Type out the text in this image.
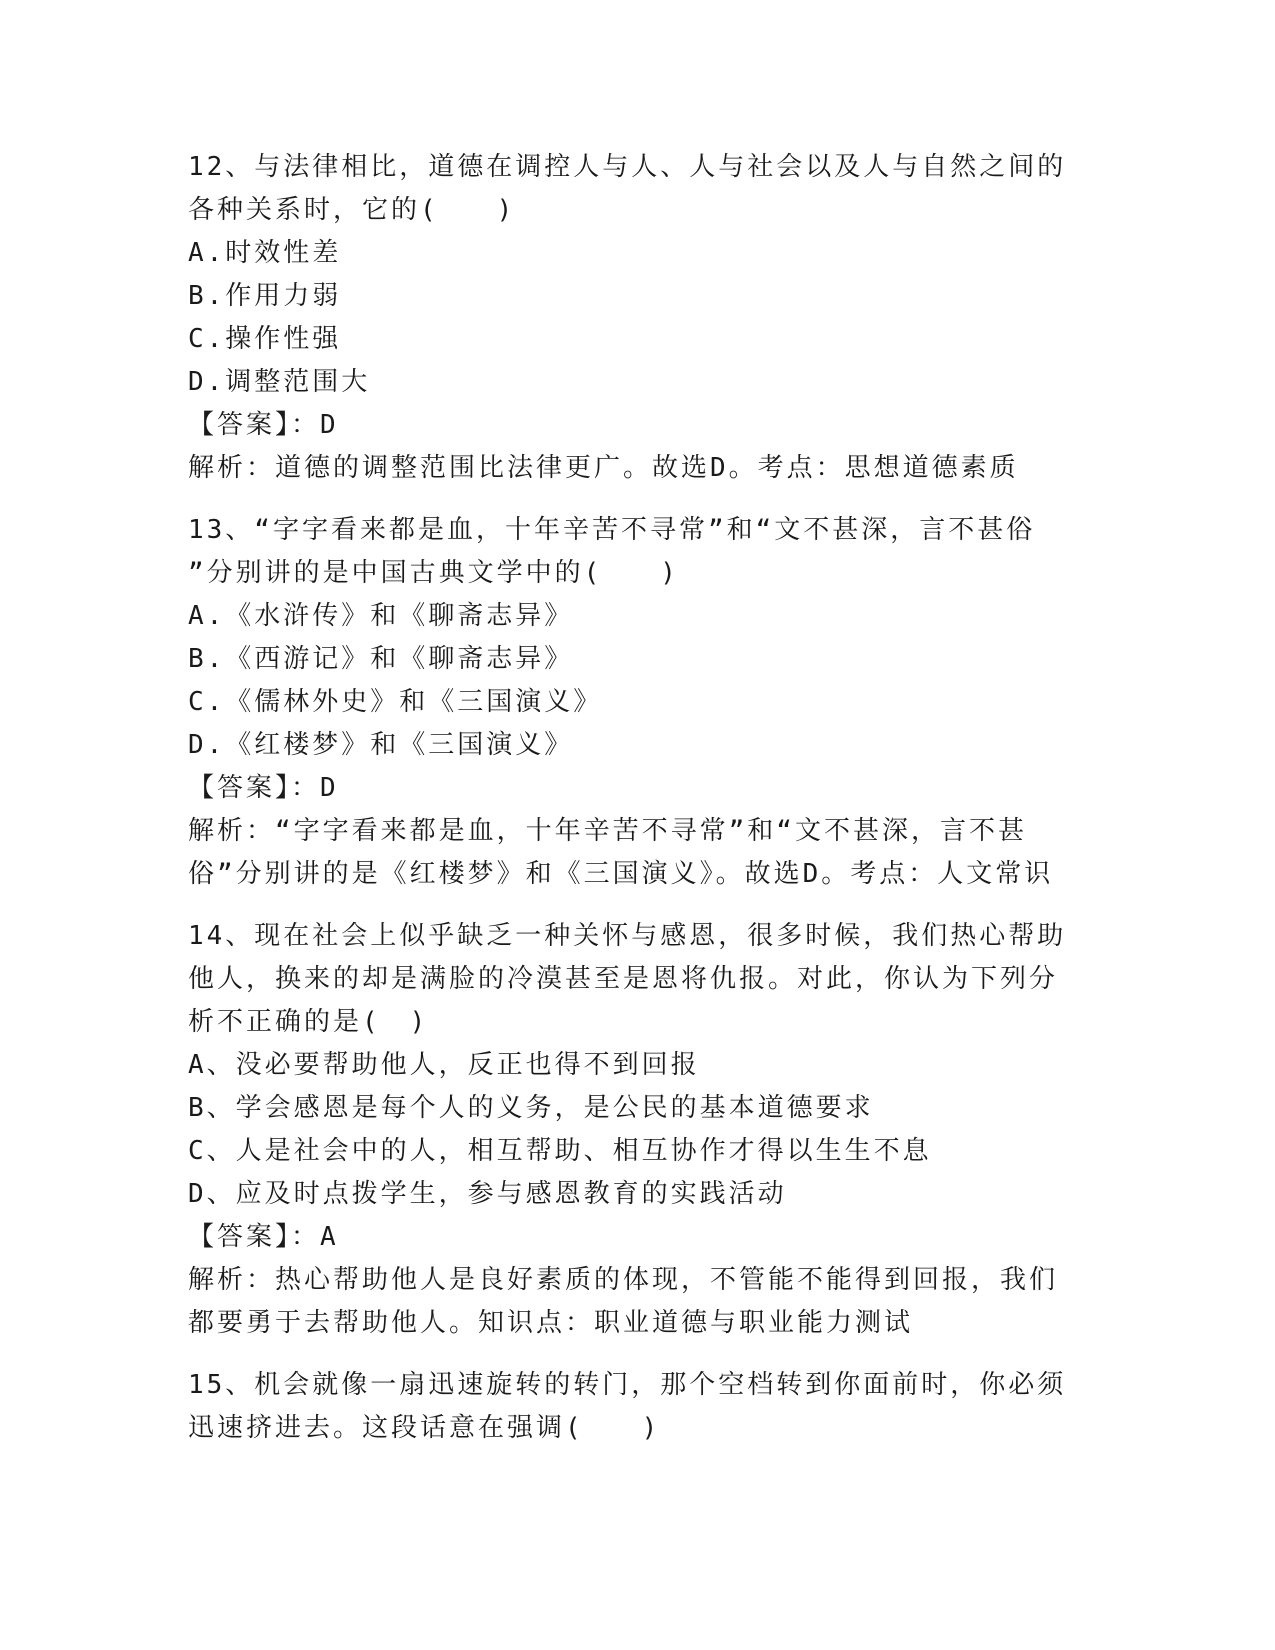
12、与法律相比，道德在调控人与人、人与社会以及人与自然之间的
各种关系时，它的(　　)
A.时效性差
B.作用力弱
C.操作性强
D.调整范围大
【答案】：D
解析：道德的调整范围比法律更广。故选D。考点：思想道德素质
13、“字字看来都是血，十年辛苦不寻常”和“文不甚深，言不甚俗
”分别讲的是中国古典文学中的(　　)
A.《水浒传》和《聊斋志异》
B.《西游记》和《聊斋志异》
C.《儒林外史》和《三国演义》
D.《红楼梦》和《三国演义》
【答案】：D
解析：“字字看来都是血，十年辛苦不寻常”和“文不甚深，言不甚
俗”分别讲的是《红楼梦》和《三国演义》。故选D。考点：人文常识
14、现在社会上似乎缺乏一种关怀与感恩，很多时候，我们热心帮助
他人，换来的却是满脸的冷漠甚至是恩将仇报。对此，你认为下列分
析不正确的是(　)
A、没必要帮助他人，反正也得不到回报
B、学会感恩是每个人的义务，是公民的基本道德要求
C、人是社会中的人，相互帮助、相互协作才得以生生不息
D、应及时点拨学生，参与感恩教育的实践活动
【答案】：A
解析：热心帮助他人是良好素质的体现，不管能不能得到回报，我们
都要勇于去帮助他人。知识点：职业道德与职业能力测试
15、机会就像一扇迅速旋转的转门，那个空档转到你面前时，你必须
迅速挤进去。这段话意在强调(　　)
